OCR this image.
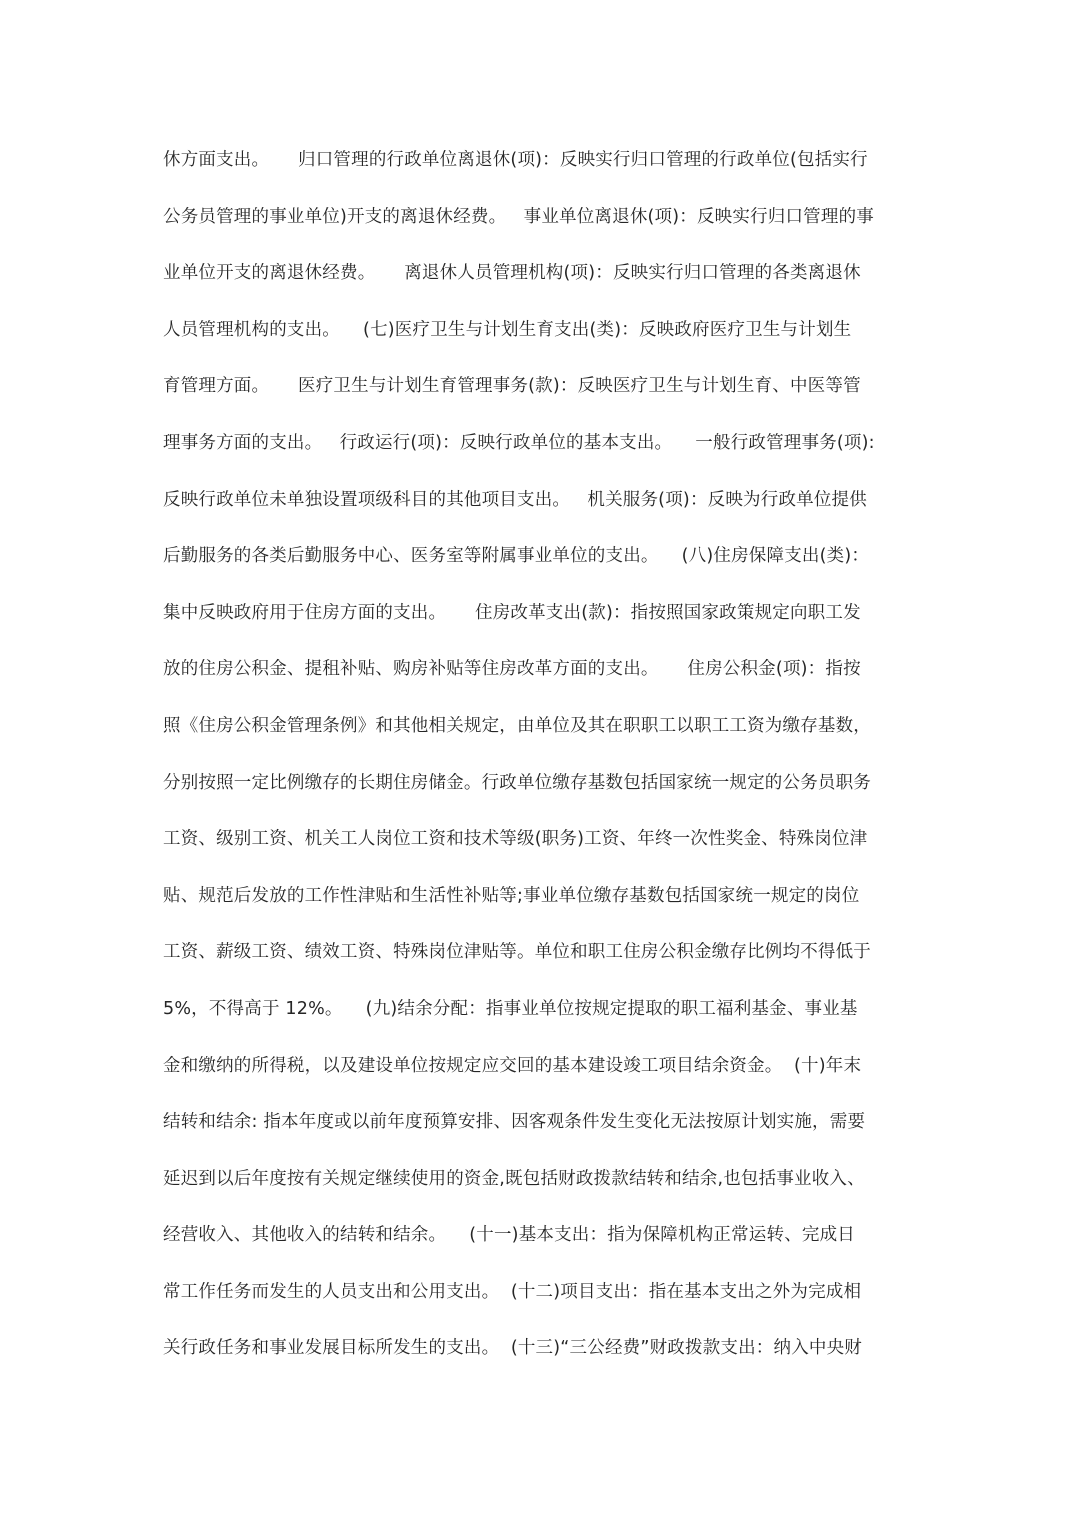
休方面支出。     归口管理的行政单位离退休(项)：反映实行归口管理的行政单位(包括实行
公务员管理的事业单位)开支的离退休经费。   事业单位离退休(项)：反映实行归口管理的事
业单位开支的离退休经费。     离退休人员管理机构(项)：反映实行归口管理的各类离退休
人员管理机构的支出。    (七)医疗卫生与计划生育支出(类)：反映政府医疗卫生与计划生
育管理方面。     医疗卫生与计划生育管理事务(款)：反映医疗卫生与计划生育、中医等管
理事务方面的支出。   行政运行(项)：反映行政单位的基本支出。    一般行政管理事务(项):
反映行政单位未单独设置项级科目的其他项目支出。   机关服务(项)：反映为行政单位提供
后勤服务的各类后勤服务中心、医务室等附属事业单位的支出。    (八)住房保障支出(类)：
集中反映政府用于住房方面的支出。     住房改革支出(款)：指按照国家政策规定向职工发
放的住房公积金、提租补贴、购房补贴等住房改革方面的支出。     住房公积金(项)：指按
照《住房公积金管理条例》和其他相关规定，由单位及其在职职工以职工工资为缴存基数，
分别按照一定比例缴存的长期住房储金。行政单位缴存基数包括国家统一规定的公务员职务
工资、级别工资、机关工人岗位工资和技术等级(职务)工资、年终一次性奖金、特殊岗位津
贴、规范后发放的工作性津贴和生活性补贴等;事业单位缴存基数包括国家统一规定的岗位
工资、薪级工资、绩效工资、特殊岗位津贴等。单位和职工住房公积金缴存比例均不得低于
5%，不得高于 12%。    (九)结余分配：指事业单位按规定提取的职工福利基金、事业基
金和缴纳的所得税，以及建设单位按规定应交回的基本建设竣工项目结余资金。  (十)年末
结转和结余: 指本年度或以前年度预算安排、因客观条件发生变化无法按原计划实施，需要
延迟到以后年度按有关规定继续使用的资金,既包括财政拨款结转和结余,也包括事业收入、
经营收入、其他收入的结转和结余。    (十一)基本支出：指为保障机构正常运转、完成日
常工作任务而发生的人员支出和公用支出。  (十二)项目支出：指在基本支出之外为完成相
关行政任务和事业发展目标所发生的支出。  (十三)“三公经费”财政拨款支出：纳入中央财
